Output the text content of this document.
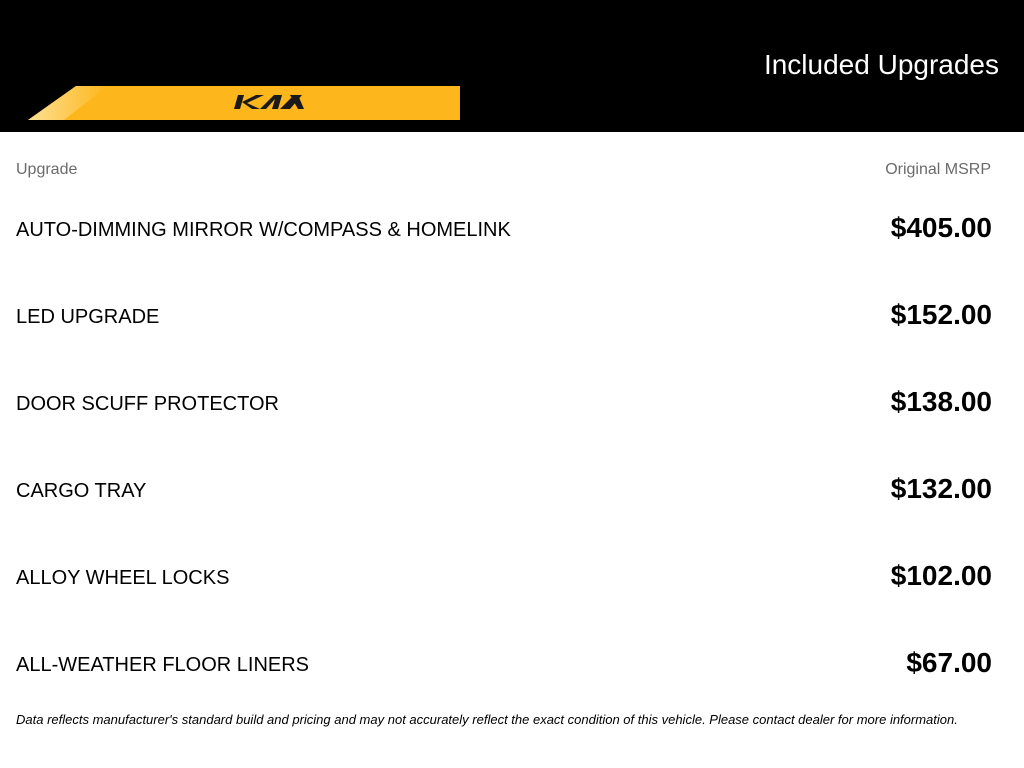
Included Upgrades
Upgrade	Original MSRP
AUTO-DIMMING MIRROR W/COMPASS & HOMELINK	$405.00
LED UPGRADE	$152.00
DOOR SCUFF PROTECTOR	$138.00
CARGO TRAY	$132.00
ALLOY WHEEL LOCKS	$102.00
ALL-WEATHER FLOOR LINERS	$67.00
Data reflects manufacturer's standard build and pricing and may not accurately reflect the exact condition of this vehicle. Please contact dealer for more information.
